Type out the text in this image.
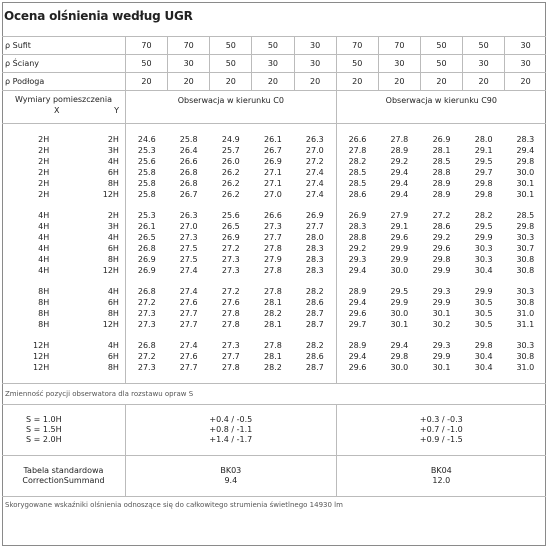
Ocena olśnienia według UGR
ρ Sufit		70	70	50	50	30	70	70	50	50	30
ρ Ściany		50	30	50	30	30	50	30	50	30	30
ρ Podłoga		20	20	20	20	20	20	20	20	20	20

Wymiary pomieszczenia
X Y		Obserwacja w kierunku C0					Obserwacja w kierunku C90				

2H	2H	24.6	25.8	24.9	26.1	26.3	26.6	27.8	26.9	28.0	28.3
2H	3H	25.3	26.4	25.7	26.7	27.0	27.8	28.9	28.1	29.1	29.4
2H	4H	25.6	26.6	26.0	26.9	27.2	28.2	29.2	28.5	29.5	29.8
2H	6H	25.8	26.8	26.2	27.1	27.4	28.5	29.4	28.8	29.7	30.0
2H	8H	25.8	26.8	26.2	27.1	27.4	28.5	29.4	28.9	29.8	30.1
2H	12H	25.8	26.7	26.2	27.0	27.4	28.6	29.4	28.9	29.8	30.1

4H	2H	25.3	26.3	25.6	26.6	26.9	26.9	27.9	27.2	28.2	28.5
4H	3H	26.1	27.0	26.5	27.3	27.7	28.3	29.1	28.6	29.5	29.8
4H	4H	26.5	27.3	26.9	27.7	28.0	28.8	29.6	29.2	29.9	30.3
4H	6H	26.8	27.5	27.2	27.8	28.3	29.2	29.9	29.6	30.3	30.7
4H	8H	26.9	27.5	27.3	27.9	28.3	29.3	29.9	29.8	30.3	30.8
4H	12H	26.9	27.4	27.3	27.8	28.3	29.4	30.0	29.9	30.4	30.8

8H	4H	26.8	27.4	27.2	27.8	28.2	28.9	29.5	29.3	29.9	30.3
8H	6H	27.2	27.6	27.6	28.1	28.6	29.4	29.9	29.9	30.5	30.8
8H	8H	27.3	27.7	27.8	28.2	28.7	29.6	30.0	30.1	30.5	31.0
8H	12H	27.3	27.7	27.8	28.1	28.7	29.7	30.1	30.2	30.5	31.1

12H	4H	26.8	27.4	27.3	27.8	28.2	28.9	29.4	29.3	29.8	30.3
12H	6H	27.2	27.6	27.7	28.1	28.6	29.4	29.8	29.9	30.4	30.8
12H	8H	27.3	27.7	27.8	28.2	28.7	29.6	30.0	30.1	30.4	31.0

Zmienność pozycji obserwatora dla rozstawu opraw S											

S = 1.0H		+0.4 / -0.5					+0.3 / -0.3				
S = 1.5H		+0.8 / -1.1					+0.7 / -1.0				
S = 2.0H		+1.4 / -1.7					+0.9 / -1.5				

Tabela standardowa		BK03					BK04				
CorrectionSummand		9.4					12.0				

Skorygowane wskaźniki olśnienia odnoszące się do całkowitego strumienia świetlnego 14930 lm											
